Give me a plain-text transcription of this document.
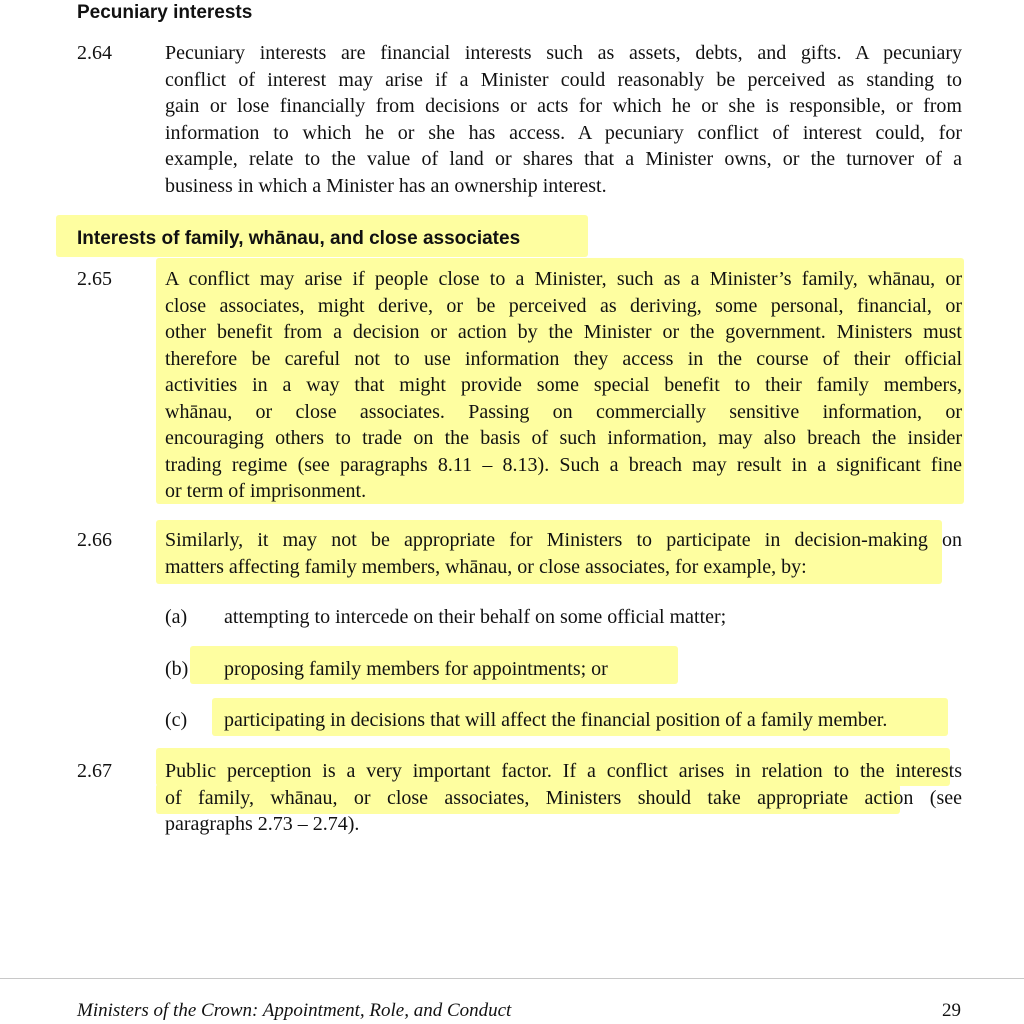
Pecuniary interests
2.64	Pecuniary interests are financial interests such as assets, debts, and gifts. A pecuniary
conflict of interest may arise if a Minister could reasonably be perceived as standing to
gain or lose financially from decisions or acts for which he or she is responsible, or from
information to which he or she has access. A pecuniary conflict of interest could, for
example, relate to the value of land or shares that a Minister owns, or the turnover of a
business in which a Minister has an ownership interest.
Interests of family, whānau, and close associates
2.65	A conflict may arise if people close to a Minister, such as a Minister’s family, whānau, or
close associates, might derive, or be perceived as deriving, some personal, financial, or
other benefit from a decision or action by the Minister or the government. Ministers must
therefore be careful not to use information they access in the course of their official
activities in a way that might provide some special benefit to their family members,
whānau, or close associates. Passing on commercially sensitive information, or
encouraging others to trade on the basis of such information, may also breach the insider
trading regime (see paragraphs 8.11 – 8.13). Such a breach may result in a significant fine
or term of imprisonment.
2.66	Similarly, it may not be appropriate for Ministers to participate in decision-making on
matters affecting family members, whānau, or close associates, for example, by:
(a) attempting to intercede on their behalf on some official matter;
(b) proposing family members for appointments; or
(c) participating in decisions that will affect the financial position of a family member.
2.67	Public perception is a very important factor. If a conflict arises in relation to the interests
of family, whānau, or close associates, Ministers should take appropriate action (see
paragraphs 2.73 – 2.74).
Ministers of the Crown: Appointment, Role, and Conduct	29
